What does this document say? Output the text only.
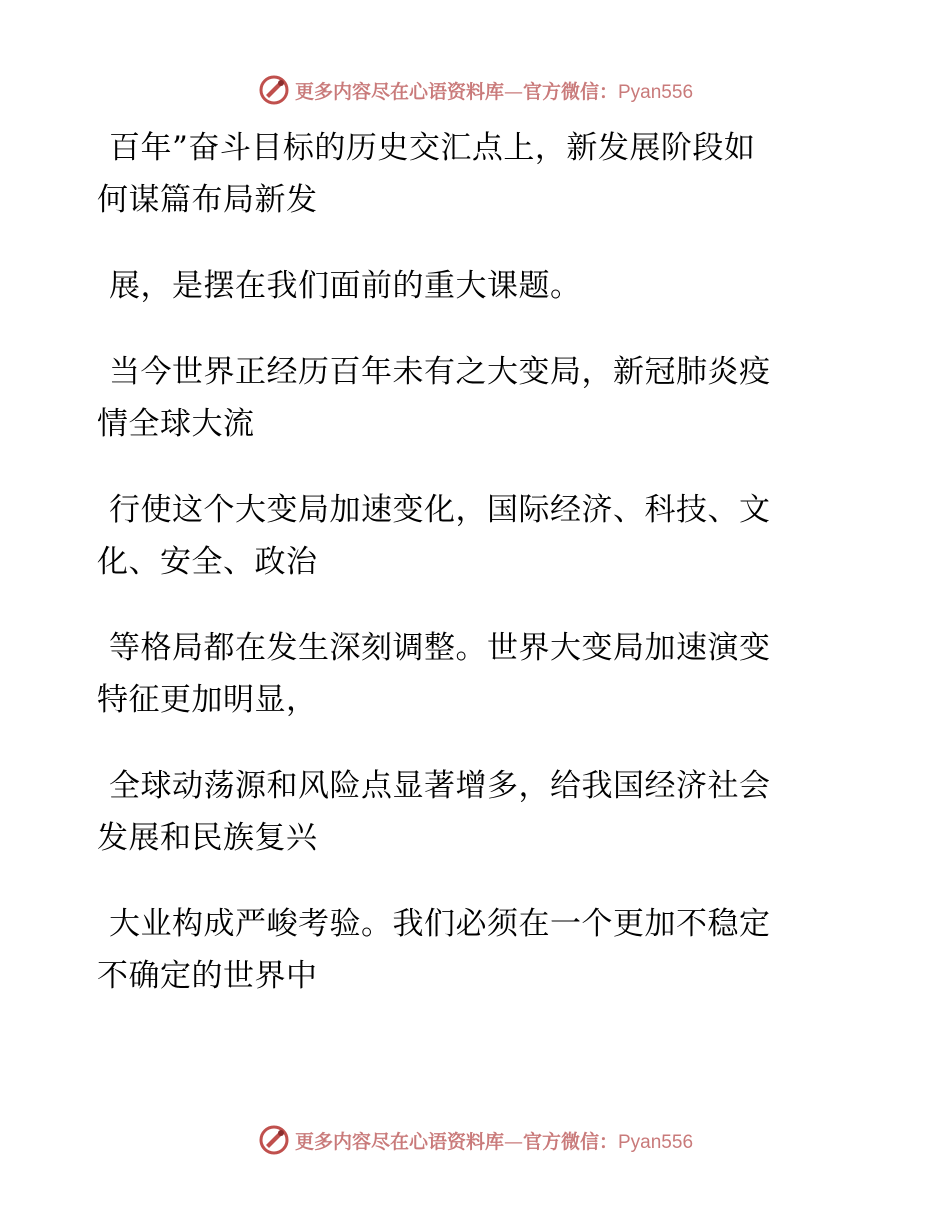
更多内容尽在心语资料库—官方微信：Pyan556

百年”奋斗目标的历史交汇点上，新发展阶段如
何谋篇布局新发

展，是摆在我们面前的重大课题。

当今世界正经历百年未有之大变局，新冠肺炎疫
情全球大流

行使这个大变局加速变化，国际经济、科技、文
化、安全、政治

等格局都在发生深刻调整。世界大变局加速演变
特征更加明显，

全球动荡源和风险点显著增多，给我国经济社会
发展和民族复兴

大业构成严峻考验。我们必须在一个更加不稳定
不确定的世界中

更多内容尽在心语资料库—官方微信：Pyan556
